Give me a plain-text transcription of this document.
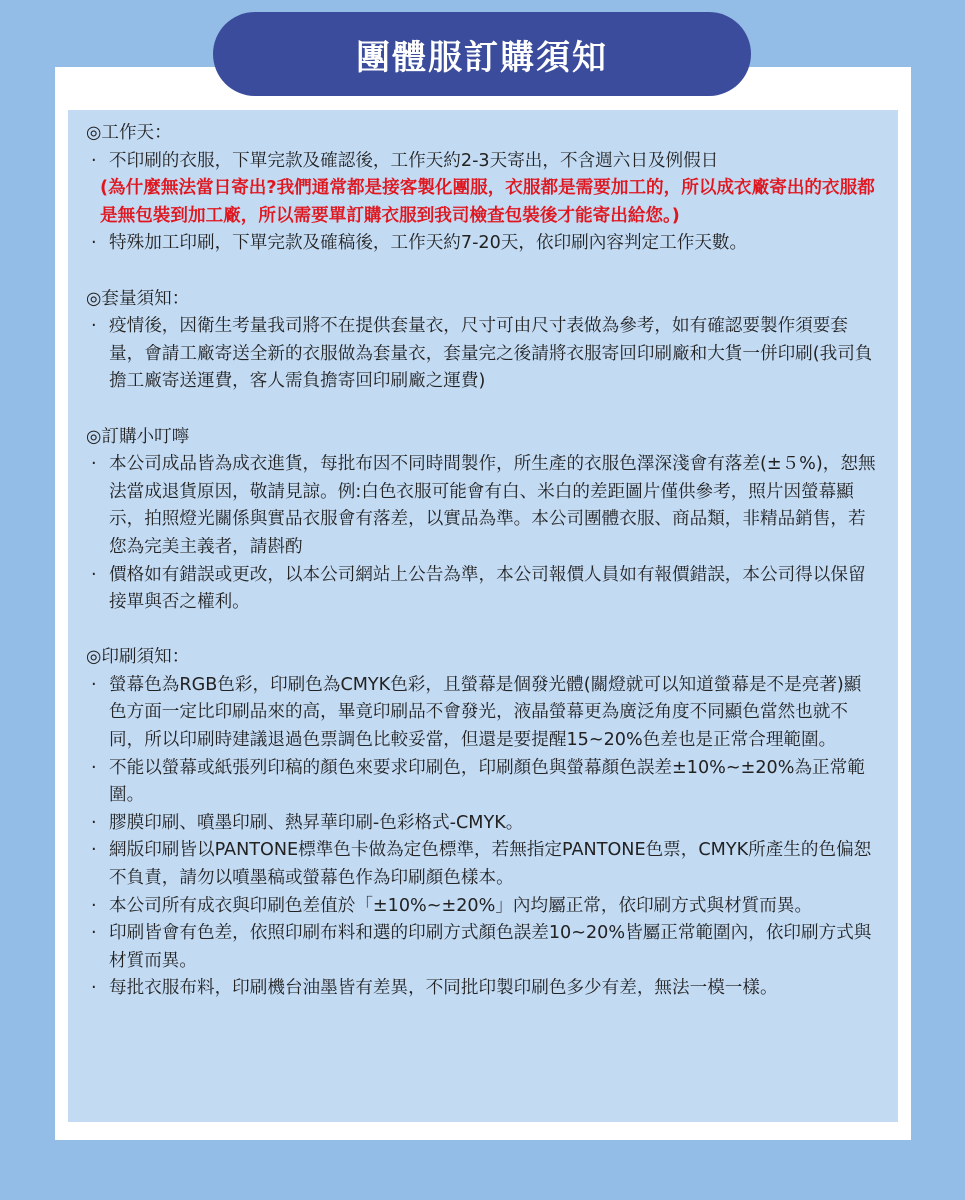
團體服訂購須知
◎工作天：
· 不印刷的衣服，下單完款及確認後，工作天約2-3天寄出，不含週六日及例假日
(為什麼無法當日寄出?我們通常都是接客製化團服，衣服都是需要加工的，所以成衣廠寄出的衣服都是無包裝到加工廠，所以需要單訂購衣服到我司檢查包裝後才能寄出給您。)
· 特殊加工印刷，下單完款及確稿後，工作天約7-20天，依印刷內容判定工作天數。
◎套量須知：
· 疫情後，因衛生考量我司將不在提供套量衣，尺寸可由尺寸表做為參考，如有確認要製作須要套量，會請工廠寄送全新的衣服做為套量衣，套量完之後請將衣服寄回印刷廠和大貨一併印刷(我司負擔工廠寄送運費，客人需負擔寄回印刷廠之運費)
◎訂購小叮嚀
· 本公司成品皆為成衣進貨，每批布因不同時間製作，所生產的衣服色澤深淺會有落差(±５%)，恕無法當成退貨原因，敬請見諒。例:白色衣服可能會有白、米白的差距圖片僅供參考，照片因螢幕顯示，拍照燈光關係與實品衣服會有落差，以實品為準。本公司團體衣服、商品類，非精品銷售，若您為完美主義者，請斟酌
· 價格如有錯誤或更改，以本公司網站上公告為準，本公司報價人員如有報價錯誤，本公司得以保留接單與否之權利。
◎印刷須知：
· 螢幕色為RGB色彩，印刷色為CMYK色彩，且螢幕是個發光體(關燈就可以知道螢幕是不是亮著)顯色方面一定比印刷品來的高，畢竟印刷品不會發光，液晶螢幕更為廣泛角度不同顯色當然也就不同，所以印刷時建議退過色票調色比較妥當，但還是要提醒15~20%色差也是正常合理範圍。
· 不能以螢幕或紙張列印稿的顏色來要求印刷色，印刷顏色與螢幕顏色誤差±10%~±20%為正常範圍。
· 膠膜印刷、噴墨印刷、熱昇華印刷-色彩格式-CMYK。
· 網版印刷皆以PANTONE標準色卡做為定色標準，若無指定PANTONE色票，CMYK所產生的色偏恕不負責，請勿以噴墨稿或螢幕色作為印刷顏色樣本。
· 本公司所有成衣與印刷色差值於「±10%~±20%」內均屬正常，依印刷方式與材質而異。
· 印刷皆會有色差，依照印刷布料和選的印刷方式顏色誤差10~20%皆屬正常範圍內，依印刷方式與材質而異。
· 每批衣服布料，印刷機台油墨皆有差異，不同批印製印刷色多少有差，無法一模一樣。
